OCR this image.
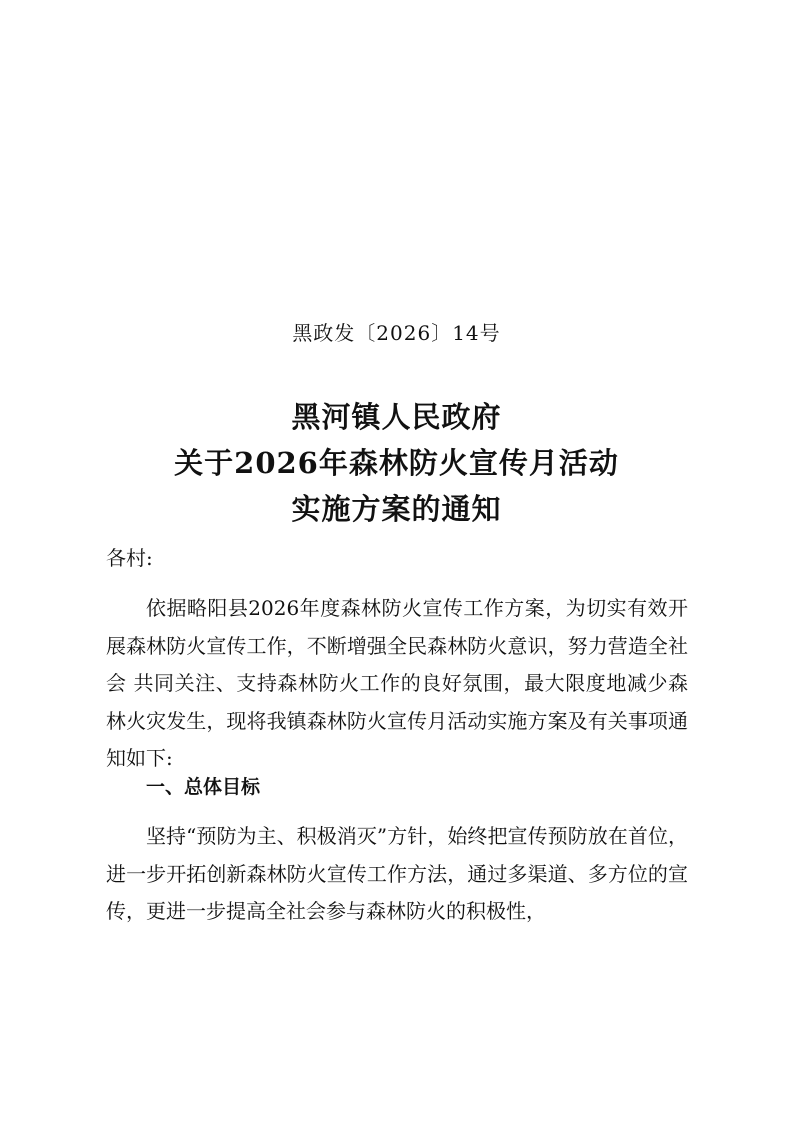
黑政发〔2026〕14号
黑河镇人民政府
关于2026年森林防火宣传月活动
实施方案的通知
各村:

依据略阳县2026年度森林防火宣传工作方案，为切实有效开展森林防火宣传工作，不断增强全民森林防火意识，努力营造全社会 共同关注、支持森林防火工作的良好氛围，最大限度地减少森林火灾发生，现将我镇森林防火宣传月活动实施方案及有关事项通知如下:

一、总体目标

坚持“预防为主、积极消灭”方针，始终把宣传预防放在首位，进一步开拓创新森林防火宣传工作方法，通过多渠道、多方位的宣传，更进一步提高全社会参与森林防火的积极性，
